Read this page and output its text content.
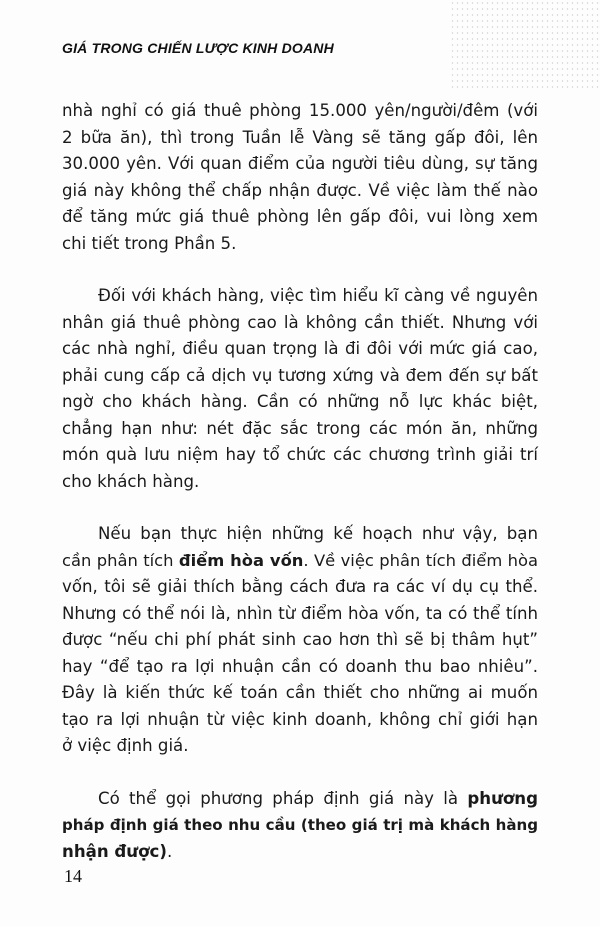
GIÁ TRONG CHIẾN LƯỢC KINH DOANH
nhà nghỉ có giá thuê phòng 15.000 yên/người/đêm (với
2 bữa ăn), thì trong Tuần lễ Vàng sẽ tăng gấp đôi, lên
30.000 yên. Với quan điểm của người tiêu dùng, sự tăng
giá này không thể chấp nhận được. Về việc làm thế nào
để tăng mức giá thuê phòng lên gấp đôi, vui lòng xem
chi tiết trong Phần 5.
Đối với khách hàng, việc tìm hiểu kĩ càng về nguyên
nhân giá thuê phòng cao là không cần thiết. Nhưng với
các nhà nghỉ, điều quan trọng là đi đôi với mức giá cao,
phải cung cấp cả dịch vụ tương xứng và đem đến sự bất
ngờ cho khách hàng. Cần có những nỗ lực khác biệt,
chẳng hạn như: nét đặc sắc trong các món ăn, những
món quà lưu niệm hay tổ chức các chương trình giải trí
cho khách hàng.
Nếu bạn thực hiện những kế hoạch như vậy, bạn
cần phân tích điểm hòa vốn. Về việc phân tích điểm hòa
vốn, tôi sẽ giải thích bằng cách đưa ra các ví dụ cụ thể.
Nhưng có thể nói là, nhìn từ điểm hòa vốn, ta có thể tính
được “nếu chi phí phát sinh cao hơn thì sẽ bị thâm hụt”
hay “để tạo ra lợi nhuận cần có doanh thu bao nhiêu”.
Đây là kiến thức kế toán cần thiết cho những ai muốn
tạo ra lợi nhuận từ việc kinh doanh, không chỉ giới hạn
ở việc định giá.
Có thể gọi phương pháp định giá này là phương
pháp định giá theo nhu cầu (theo giá trị mà khách hàng
nhận được).
14
